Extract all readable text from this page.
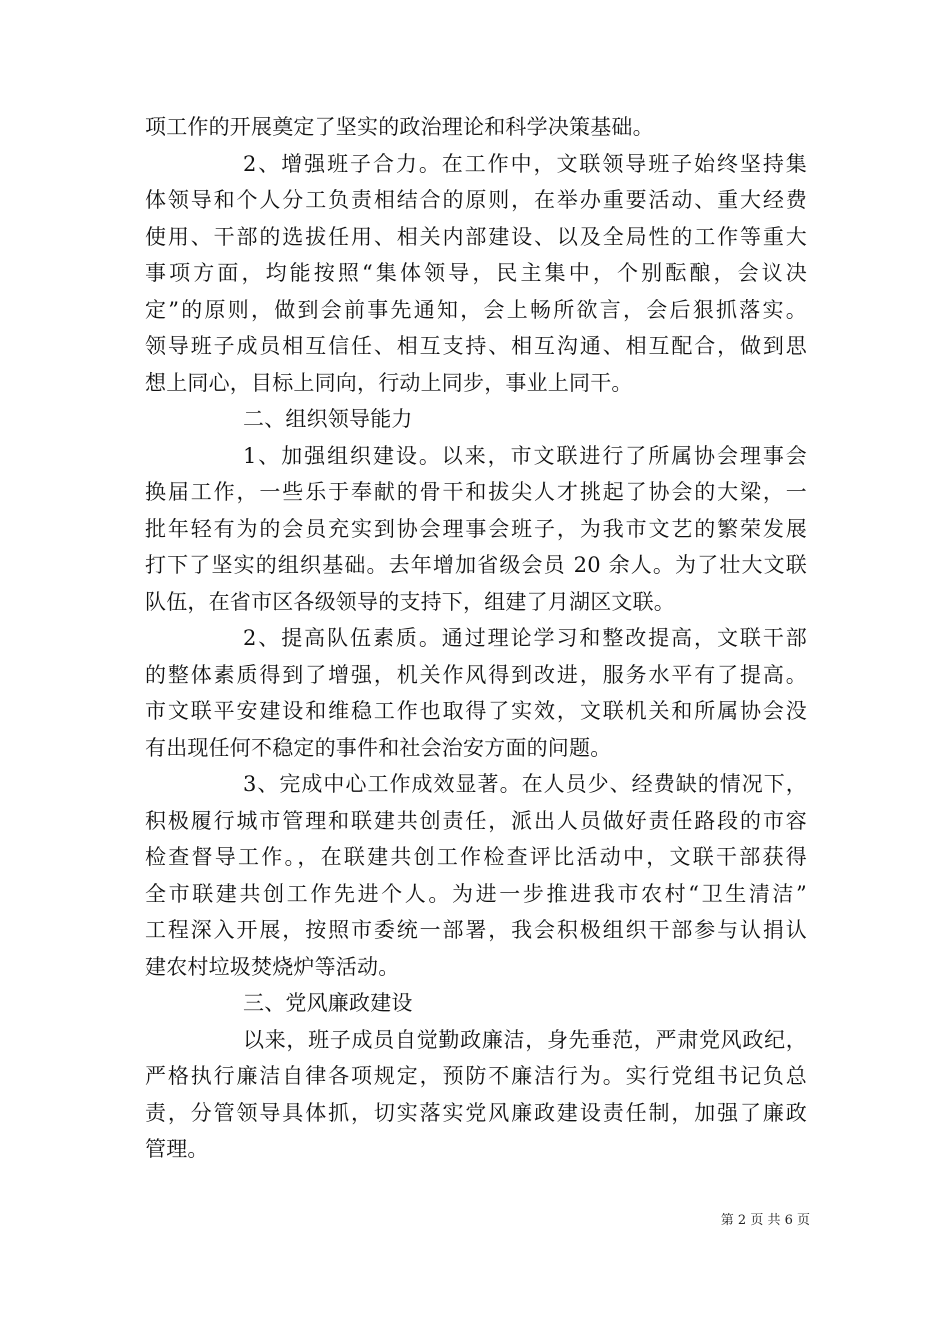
项工作的开展奠定了坚实的政治理论和科学决策基础。
2、增强班子合力。在工作中，文联领导班子始终坚持集
体领导和个人分工负责相结合的原则，在举办重要活动、重大经费
使用、干部的选拔任用、相关内部建设、以及全局性的工作等重大
事项方面，均能按照“集体领导，民主集中，个别酝酿，会议决
定”的原则，做到会前事先通知，会上畅所欲言，会后狠抓落实。
领导班子成员相互信任、相互支持、相互沟通、相互配合，做到思
想上同心，目标上同向，行动上同步，事业上同干。
二、组织领导能力
1、加强组织建设。以来，市文联进行了所属协会理事会
换届工作，一些乐于奉献的骨干和拔尖人才挑起了协会的大梁，一
批年轻有为的会员充实到协会理事会班子，为我市文艺的繁荣发展
打下了坚实的组织基础。去年增加省级会员 20 余人。为了壮大文联
队伍，在省市区各级领导的支持下，组建了月湖区文联。
2、提高队伍素质。通过理论学习和整改提高，文联干部
的整体素质得到了增强，机关作风得到改进，服务水平有了提高。
市文联平安建设和维稳工作也取得了实效，文联机关和所属协会没
有出现任何不稳定的事件和社会治安方面的问题。
3、完成中心工作成效显著。在人员少、经费缺的情况下，
积极履行城市管理和联建共创责任，派出人员做好责任路段的市容
检查督导工作。，在联建共创工作检查评比活动中，文联干部获得
全市联建共创工作先进个人。为进一步推进我市农村“卫生清洁”
工程深入开展，按照市委统一部署，我会积极组织干部参与认捐认
建农村垃圾焚烧炉等活动。
三、党风廉政建设
以来，班子成员自觉勤政廉洁，身先垂范，严肃党风政纪，
严格执行廉洁自律各项规定，预防不廉洁行为。实行党组书记负总
责，分管领导具体抓，切实落实党风廉政建设责任制，加强了廉政
管理。
第 2 页 共 6 页
